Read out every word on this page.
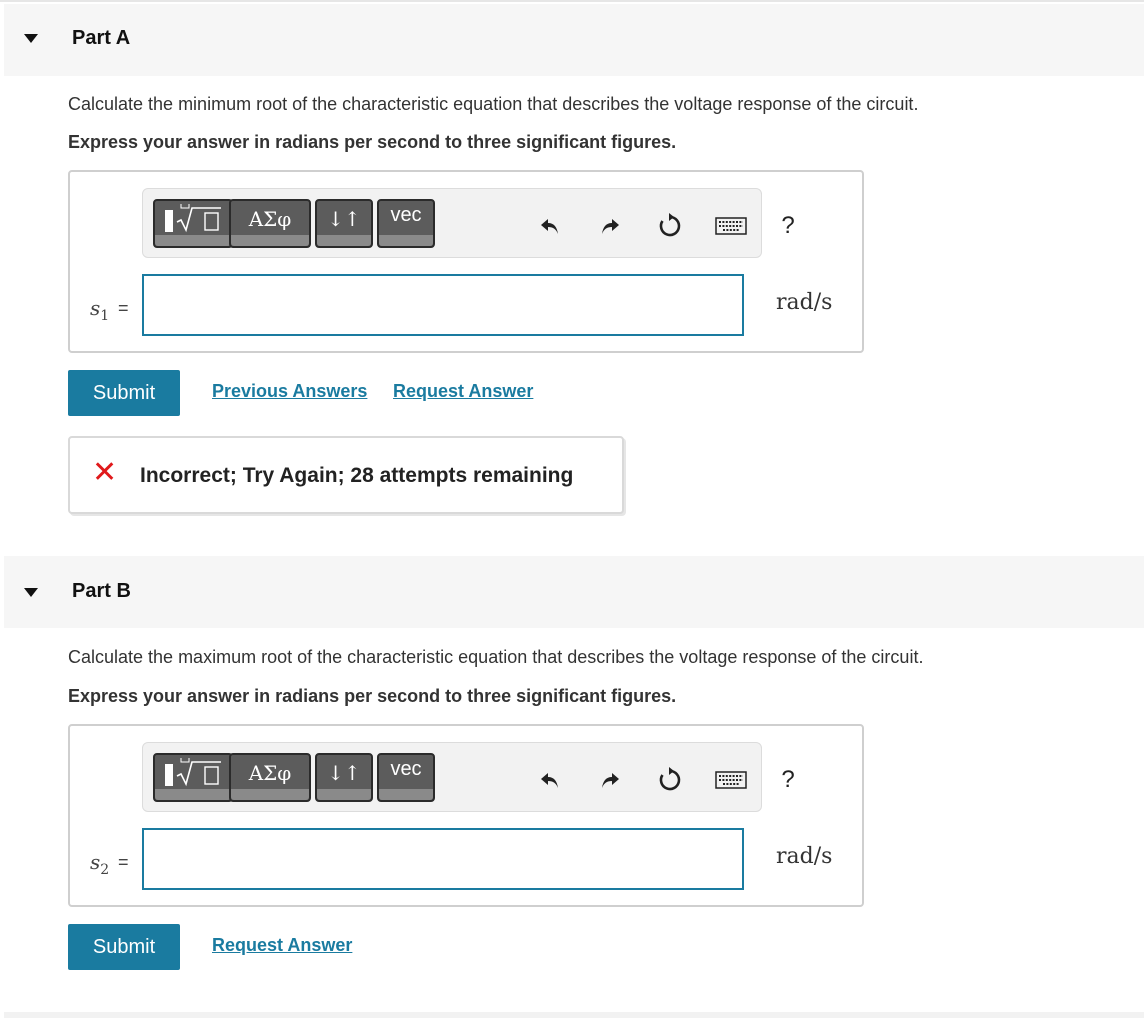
Part A
Calculate the minimum root of the characteristic equation that describes the voltage response of the circuit.
Express your answer in radians per second to three significant figures.
ΑΣφ ↓↑ vec	?
$s_1$ =	rad/s
Submit	Previous Answers Request Answer
✕ Incorrect; Try Again; 28 attempts remaining
Part B
Calculate the maximum root of the characteristic equation that describes the voltage response of the circuit.
Express your answer in radians per second to three significant figures.
ΑΣφ ↓↑ vec	?
$s_2$ =	rad/s
Submit	Request Answer
